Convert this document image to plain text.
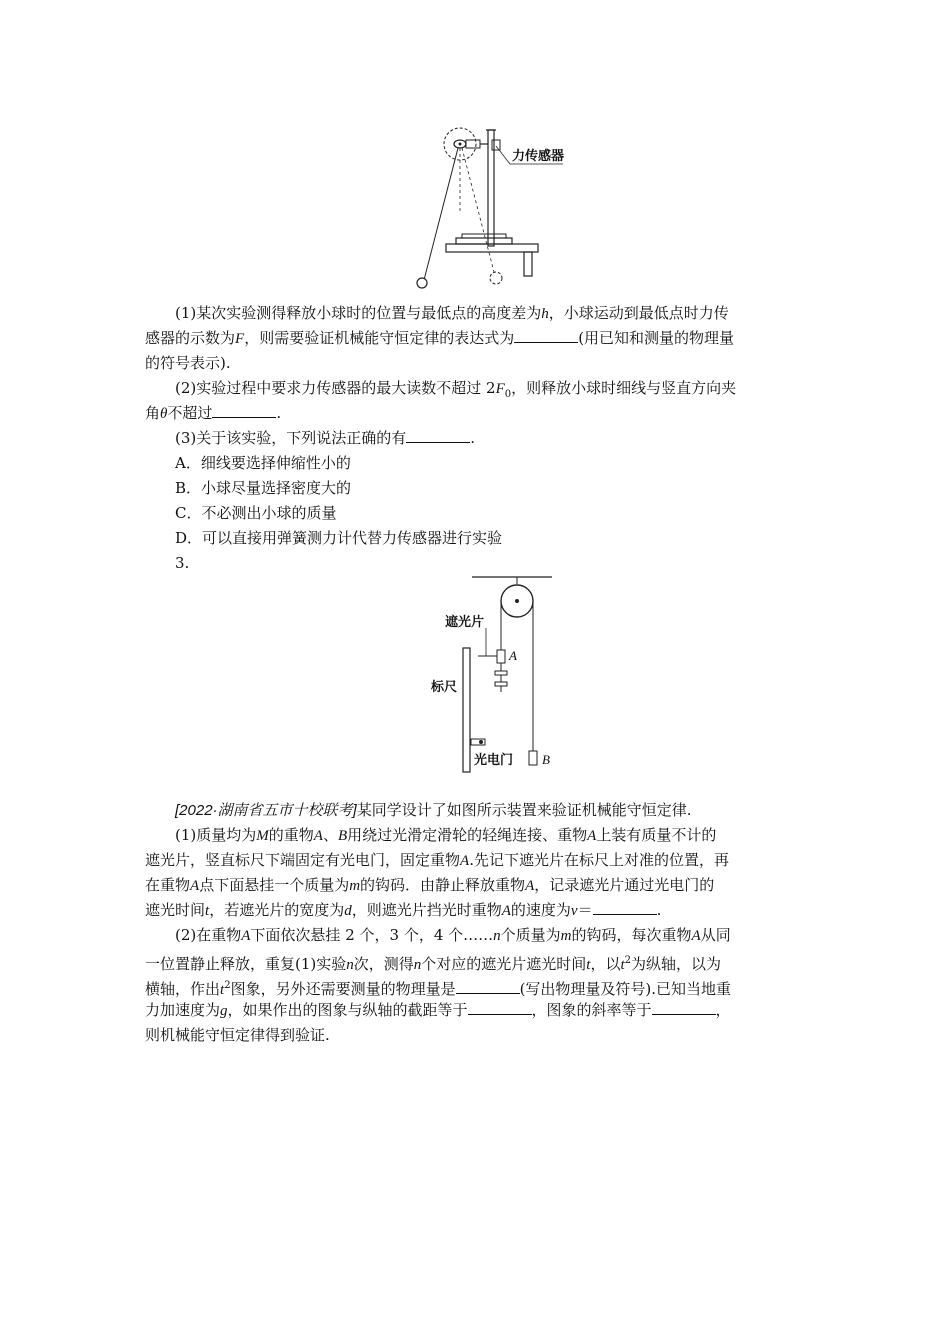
力传感器
(1)某次实验测得释放小球时的位置与最低点的高度差为h，小球运动到最低点时力传
感器的示数为F，则需要验证机械能守恒定律的表达式为	(用已知和测量的物理量
的符号表示).
(2)实验过程中要求力传感器的最大读数不超过 $2F_0$，则释放小球时细线与竖直方向夹
角θ不超过	.
(3)关于该实验，下列说法正确的有	.
A．细线要选择伸缩性小的
B．小球尽量选择密度大的
C．不必测出小球的质量
D．可以直接用弹簧测力计代替力传感器进行实验
3.
遮光片
A
标尺
光电门 B
[2022·湖南省五市十校联考]某同学设计了如图所示装置来验证机械能守恒定律.
(1)质量均为M的重物A、B用绕过光滑定滑轮的轻绳连接、重物A上装有质量不计的
遮光片，竖直标尺下端固定有光电门，固定重物A.先记下遮光片在标尺上对准的位置，再
在重物A点下面悬挂一个质量为m的钩码．由静止释放重物A，记录遮光片通过光电门的
遮光时间t，若遮光片的宽度为d，则遮光片挡光时重物A的速度为v＝	.
(2)在重物A下面依次悬挂 2 个，3 个，4 个……n个质量为m的钩码，每次重物A从同
一位置静止释放，重复(1)实验n次，测得n个对应的遮光片遮光时间t，以$t^2$为纵轴，以为
横轴，作出$t^2$图象，另外还需要测量的物理量是	(写出物理量及符号).已知当地重
力加速度为g，如果作出的图象与纵轴的截距等于	，图象的斜率等于	，
则机械能守恒定律得到验证.
